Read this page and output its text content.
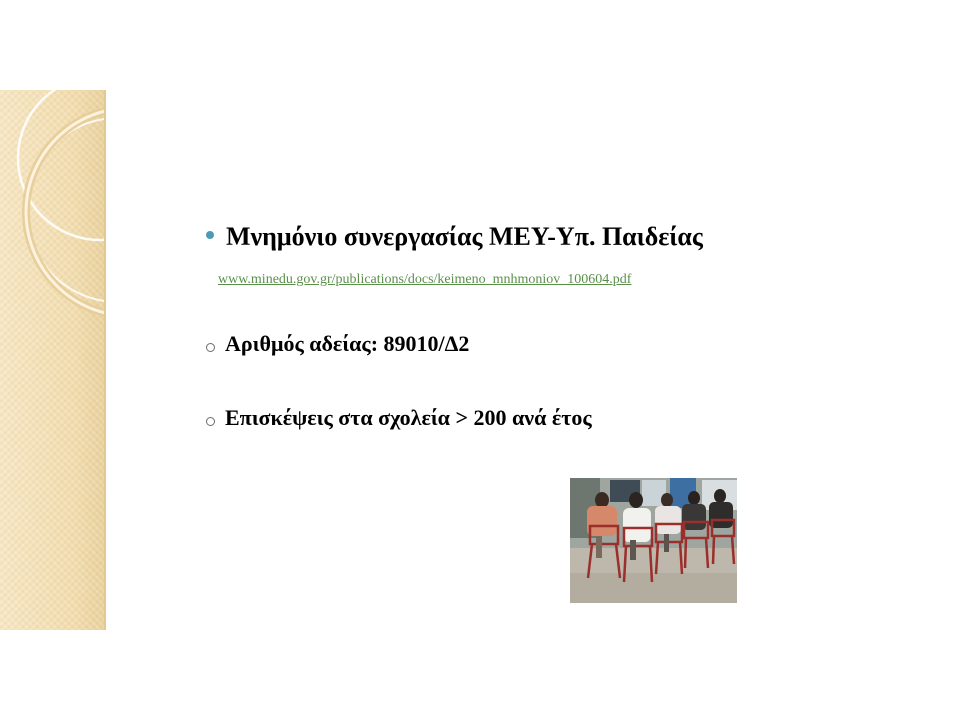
Μνημόνιο συνεργασίας ΜΕΥ-Υπ. Παιδείας
www.minedu.gov.gr/publications/docs/keimeno_mnhmoniov_100604.pdf
Αριθμός αδείας: 89010/Δ2
Επισκέψεις στα σχολεία > 200 ανά έτος
